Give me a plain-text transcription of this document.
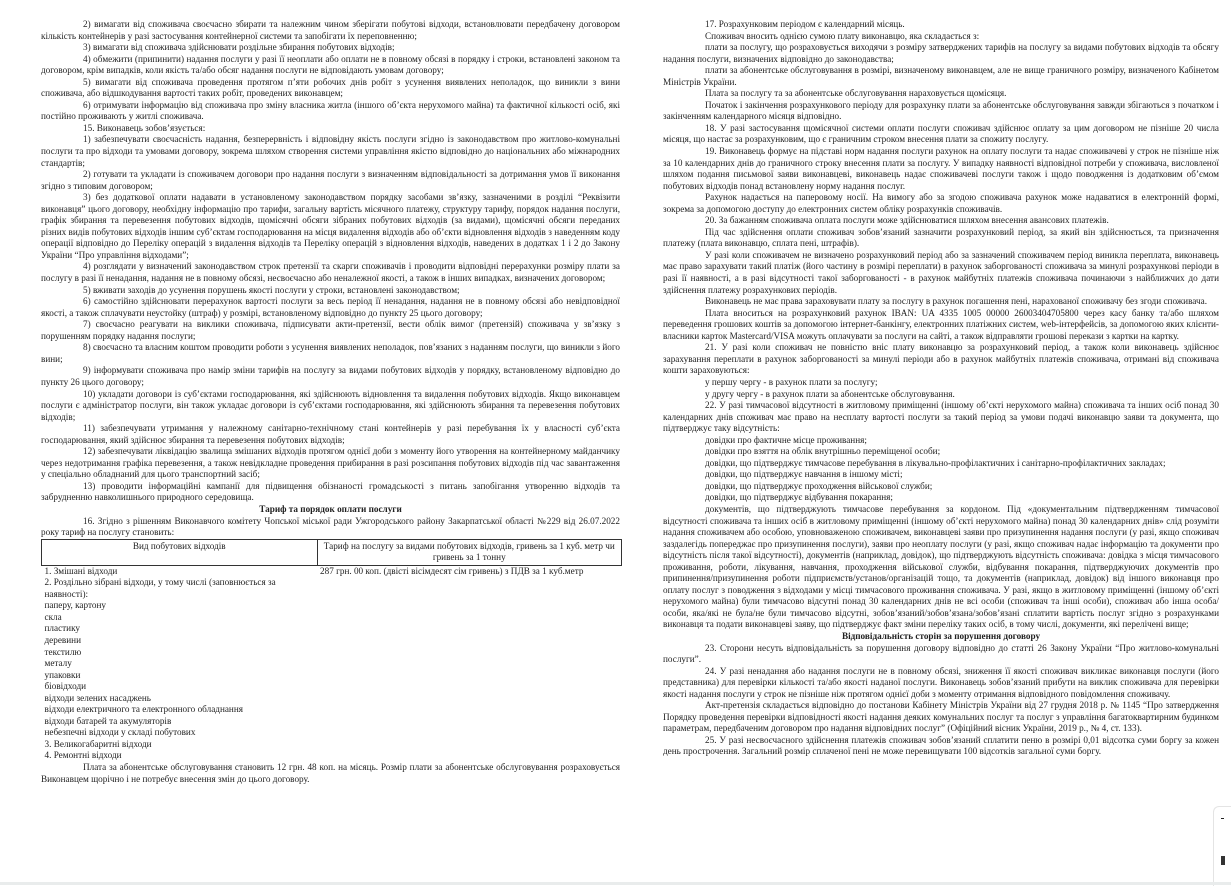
2) вимагати від споживача своєчасно збирати та належним чином зберігати побутові відходи, встановлювати передбачену договором кількість контейнерів у разі застосування контейнерної системи та запобігати їх переповненню;

3) вимагати від споживача здійснювати роздільне збирання побутових відходів;

4) обмежити (припинити) надання послуги у разі її неоплати або оплати не в повному обсязі в порядку і строки, встановлені законом та договором, крім випадків, коли якість та/або обсяг надання послуги не відповідають умовам договору;

5) вимагати від споживача проведення протягом п’яти робочих днів робіт з усунення виявлених неполадок, що виникли з вини споживача, або відшкодування вартості таких робіт, проведених виконавцем;

6) отримувати інформацію від споживача про зміну власника житла (іншого об’єкта нерухомого майна) та фактичної кількості осіб, які постійно проживають у житлі споживача.

15. Виконавець зобов’язується:

1) забезпечувати своєчасність надання, безперервність і відповідну якість послуги згідно із законодавством про житлово-комунальні послуги та про відходи та умовами договору, зокрема шляхом створення системи управління якістю відповідно до національних або міжнародних стандартів;

2) готувати та укладати із споживачем договори про надання послуги з визначенням відповідальності за дотримання умов її виконання згідно з типовим договором;

3) без додаткової оплати надавати в установленому законодавством порядку засобами зв’язку, зазначеними в розділі “Реквізити виконавця” цього договору, необхідну інформацію про тарифи, загальну вартість місячного платежу, структуру тарифу, порядок надання послуги, графік збирання та перевезення побутових відходів, щомісячні обсяги зібраних побутових відходів (за видами), щомісячні обсяги переданих різних видів побутових відходів іншим суб’єктам господарювання на місця видалення відходів або об’єкти відновлення відходів з наведенням коду операції відповідно до Переліку операцій з видалення відходів та Переліку операцій з відновлення відходів, наведених в додатках 1 і 2 до Закону України “Про управління відходами”;

4) розглядати у визначений законодавством строк претензії та скарги споживачів і проводити відповідні перерахунки розміру плати за послугу в разі її ненадання, надання не в повному обсязі, несвоєчасно або неналежної якості, а також в інших випадках, визначених договором;

5) вживати заходів до усунення порушень якості послуги у строки, встановлені законодавством;

6) самостійно здійснювати перерахунок вартості послуги за весь період її ненадання, надання не в повному обсязі або невідповідної якості, а також сплачувати неустойку (штраф) у розмірі, встановленому відповідно до пункту 25 цього договору;

7) своєчасно реагувати на виклики споживача, підписувати акти-претензії, вести облік вимог (претензій) споживача у зв’язку з порушенням порядку надання послуги;

8) своєчасно та власним коштом проводити роботи з усунення виявлених неполадок, пов’язаних з наданням послуги, що виникли з його вини;

9) інформувати споживача про намір зміни тарифів на послугу за видами побутових відходів у порядку, встановленому відповідно до пункту 26 цього договору;

10) укладати договори із суб’єктами господарювання, які здійснюють відновлення та видалення побутових відходів. Якщо виконавцем послуги є адміністратор послуги, він також укладає договори із суб’єктами господарювання, які здійснюють збирання та перевезення побутових відходів;

11) забезпечувати утримання у належному санітарно-технічному стані контейнерів у разі перебування їх у власності суб’єкта господарювання, який здійснює збирання та перевезення побутових відходів;

12) забезпечувати ліквідацію звалища змішаних відходів протягом однієї доби з моменту його утворення на контейнерному майданчику через недотримання графіка перевезення, а також невідкладне проведення прибирання в разі розсипання побутових відходів під час завантаження у спеціально обладнаний для цього транспортний засіб;

13) проводити інформаційні кампанії для підвищення обізнаності громадськості з питань запобігання утворенню відходів та забрудненню навколишнього природного середовища.

Тариф та порядок оплати послуги

16. Згідно з рішенням Виконавчого комітету Чопської міської ради Ужгородського району Закарпатської області №229 від 26.07.2022 року тариф на послугу становить:

Вид побутових відходів	Тариф на послугу за видами побутових відходів, гривень за 1 куб. метр чи гривень за 1 тонну
1. Змішані відходи	287 грн. 00 коп. (двісті вісімдесят сім гривень) з ПДВ за 1 куб.метр
2. Роздільно зібрані відходи, у тому числі (заповнюється за наявності):	
паперу, картону	
скла	
пластику	
деревини	
текстилю	
металу	
упаковки	
біовідходи	
відходи зелених насаджень	
відходи електричного та електронного обладнання	
відходи батарей та акумуляторів	
небезпечні відходи у складі побутових	
3. Великогабаритні відходи	
4. Ремонтні відходи	

Плата за абонентське обслуговування становить 12 грн. 48 коп. на місяць. Розмір плати за абонентське обслуговування розраховується Виконавцем щорічно і не потребує внесення змін до цього договору.

17. Розрахунковим періодом є календарний місяць.

Споживач вносить однією сумою плату виконавцю, яка складається з:

плати за послугу, що розраховується виходячи з розміру затверджених тарифів на послугу за видами побутових відходів та обсягу надання послуги, визначених відповідно до законодавства;

плати за абонентське обслуговування в розмірі, визначеному виконавцем, але не вище граничного розміру, визначеного Кабінетом Міністрів України.

Плата за послугу та за абонентське обслуговування нараховується щомісяця.

Початок і закінчення розрахункового періоду для розрахунку плати за абонентське обслуговування завжди збігаються з початком і закінченням календарного місяця відповідно.

18. У разі застосування щомісячної системи оплати послуги споживач здійснює оплату за цим договором не пізніше 20 числа місяця, що настає за розрахунковим, що є граничним строком внесення плати за спожиту послугу.

19. Виконавець формує на підставі норм надання послуги рахунок на оплату послуги та надає споживачеві у строк не пізніше ніж за 10 календарних днів до граничного строку внесення плати за послугу. У випадку наявності відповідної потреби у споживача, висловленої шляхом подання письмової заяви виконавцеві, виконавець надає споживачеві послуги також і щодо поводження із додатковим об’ємом побутових відходів понад встановлену норму надання послуг.

Рахунок надається на паперовому носії. На вимогу або за згодою споживача рахунок може надаватися в електронній формі, зокрема за допомогою доступу до електронних систем обліку розрахунків споживачів.

20. За бажанням споживача оплата послуги може здійснюватися шляхом внесення авансових платежів.

Під час здійснення оплати споживач зобов’язаний зазначити розрахунковий період, за який він здійснюється, та призначення платежу (плата виконавцю, сплата пені, штрафів).

У разі коли споживачем не визначено розрахунковий період або за зазначений споживачем період виникла переплата, виконавець має право зарахувати такий платіж (його частину в розмірі переплати) в рахунок заборгованості споживача за минулі розрахункові періоди в разі її наявності, а в разі відсутності такої заборгованості - в рахунок майбутніх платежів споживача починаючи з найближчих до дати здійснення платежу розрахункових періодів.

Виконавець не має права зараховувати плату за послугу в рахунок погашення пені, нарахованої споживачу без згоди споживача.

Плата вноситься на розрахунковий рахунок IBAN: UA 4335 1005 00000 26003404705800 через касу банку та/або шляхом переведення грошових коштів за допомогою інтернет-банкінгу, електронних платіжних систем, web-інтерфейсів, за допомогою яких клієнти-власники карток Mastercard/VISA можуть оплачувати за послуги на сайті, а також відправляти грошові перекази з картки на картку.

21. У разі коли споживач не повністю вніс плату виконавцю за розрахунковий період, а також коли виконавець здійснює зарахування переплати в рахунок заборгованості за минулі періоди або в рахунок майбутніх платежів споживача, отримані від споживача кошти зараховуються:

у першу чергу - в рахунок плати за послугу;

у другу чергу - в рахунок плати за абонентське обслуговування.

22. У разі тимчасової відсутності в житловому приміщенні (іншому об’єкті нерухомого майна) споживача та інших осіб понад 30 календарних днів споживач має право на несплату вартості послуги за такий період за умови подачі виконавцю заяви та документа, що підтверджує таку відсутність:

довідки про фактичне місце проживання;

довідки про взяття на облік внутрішньо переміщеної особи;

довідки, що підтверджує тимчасове перебування в лікувально-профілактичних і санітарно-профілактичних закладах;

довідки, що підтверджує навчання в іншому місті;

довідки, що підтверджує проходження військової служби;

довідки, що підтверджує відбування покарання;

документів, що підтверджують тимчасове перебування за кордоном. Під «документальним підтвердженням тимчасової відсутності споживача та інших осіб в житловому приміщенні (іншому об’єкті нерухомого майна) понад 30 календарних днів» слід розуміти надання споживачем або особою, уповноваженою споживачем, виконавцеві заяви про призупинення надання послуги (у разі, якщо споживач заздалегідь попереджає про призупинення послуги), заяви про неоплату послуги (у разі, якщо споживач надає інформацію та документи про відсутність після такої відсутності), документів (наприклад, довідок), що підтверджують відсутність споживача: довідка з місця тимчасового проживання, роботи, лікування, навчання, проходження військової служби, відбування покарання, підтверджуючих документів про припинення/призупинення роботи підприємств/установ/організацій тощо, та документів (наприклад, довідок) від іншого виконавця про оплату послуг з поводження з відходами у місці тимчасового проживання споживача. У разі, якщо в житловому приміщенні (іншому об’єкті нерухомого майна) були тимчасово відсутні понад 30 календарних днів не всі особи (споживач та інші особи), споживач або інша особа/особи, яка/які не була/не були тимчасово відсутні, зобов’язаний/зобов’язана/зобов’язані сплатити вартість послуг згідно з розрахунками виконавця та подати виконавцеві заяву, що підтверджує факт зміни переліку таких осіб, в тому числі, документи, які перелічені вище;

Відповідальність сторін за порушення договору

23. Сторони несуть відповідальність за порушення договору відповідно до статті 26 Закону України “Про житлово-комунальні послуги”.

24. У разі ненадання або надання послуги не в повному обсязі, зниження її якості споживач викликає виконавця послуги (його представника) для перевірки кількості та/або якості наданої послуги. Виконавець зобов’язаний прибути на виклик споживача для перевірки якості надання послуги у строк не пізніше ніж протягом однієї доби з моменту отримання відповідного повідомлення споживачу.

Акт-претензія складається відповідно до постанови Кабінету Міністрів України від 27 грудня 2018 р. № 1145 “Про затвердження Порядку проведення перевірки відповідності якості надання деяких комунальних послуг та послуг з управління багатоквартирним будинком параметрам, передбаченим договором про надання відповідних послуг” (Офіційний вісник України, 2019 р., № 4, ст. 133).

25. У разі несвоєчасного здійснення платежів споживач зобов’язаний сплатити пеню в розмірі 0,01 відсотка суми боргу за кожен день прострочення. Загальний розмір сплаченої пені не може перевищувати 100 відсотків загальної суми боргу.
